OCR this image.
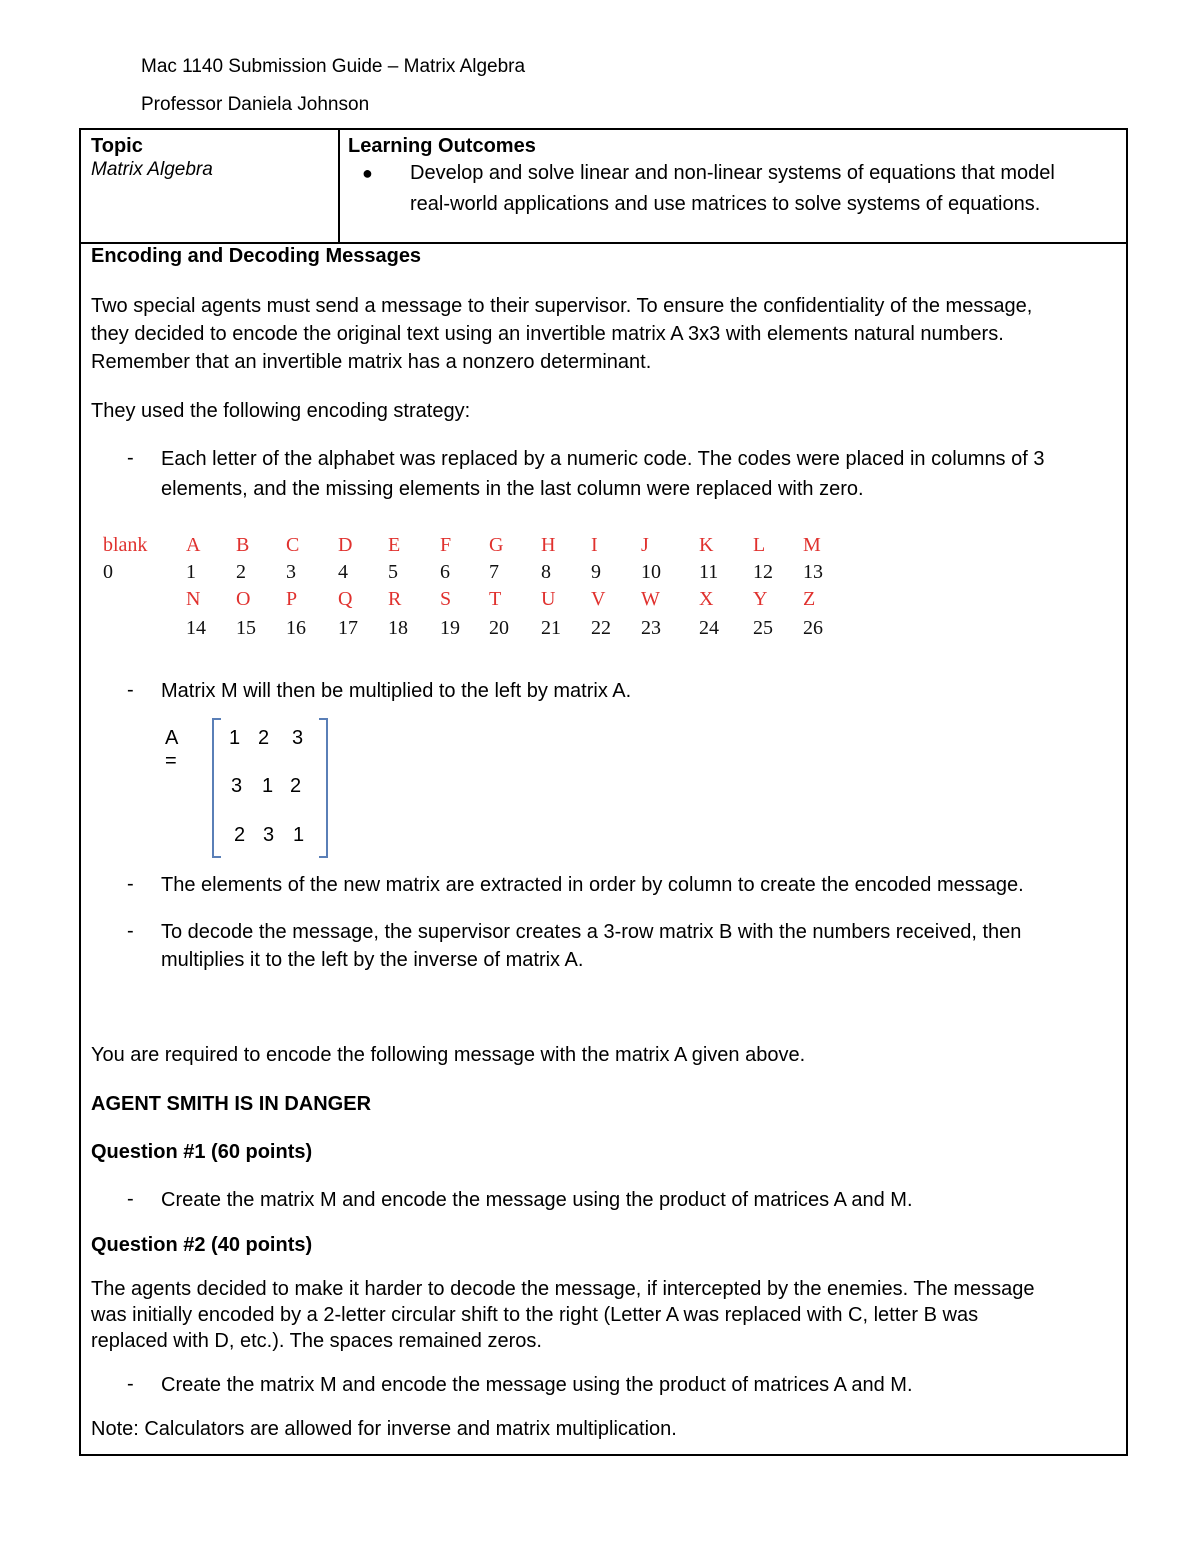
Mac 1140 Submission Guide – Matrix Algebra
Professor Daniela Johnson
Topic
Matrix Algebra
Learning Outcomes
● Develop and solve linear and non-linear systems of equations that model
real-world applications and use matrices to solve systems of equations.
Encoding and Decoding Messages
Two special agents must send a message to their supervisor. To ensure the confidentiality of the message,
they decided to encode the original text using an invertible matrix A 3x3 with elements natural numbers.
Remember that an invertible matrix has a nonzero determinant.
They used the following encoding strategy:
- Each letter of the alphabet was replaced by a numeric code. The codes were placed in columns of 3
elements, and the missing elements in the last column were replaced with zero.
blank A B C D E F G H I J	K L M
0	1 2 3 4 5 6 7 8 9 10 11 12 13
N O P Q R S T U V W X Y Z
14 15 16 17 18 19 20 21 22 23 24 25 26
- Matrix M will then be multiplied to the left by matrix A.
A =
1 2 3
3 1 2
2 3 1
- The elements of the new matrix are extracted in order by column to create the encoded message.
- To decode the message, the supervisor creates a 3-row matrix B with the numbers received, then
multiplies it to the left by the inverse of matrix A.
You are required to encode the following message with the matrix A given above.
AGENT SMITH IS IN DANGER
Question #1 (60 points)
- Create the matrix M and encode the message using the product of matrices A and M.
Question #2 (40 points)
The agents decided to make it harder to decode the message, if intercepted by the enemies. The message
was initially encoded by a 2-letter circular shift to the right (Letter A was replaced with C, letter B was
replaced with D, etc.). The spaces remained zeros.
- Create the matrix M and encode the message using the product of matrices A and M.
Note: Calculators are allowed for inverse and matrix multiplication.
